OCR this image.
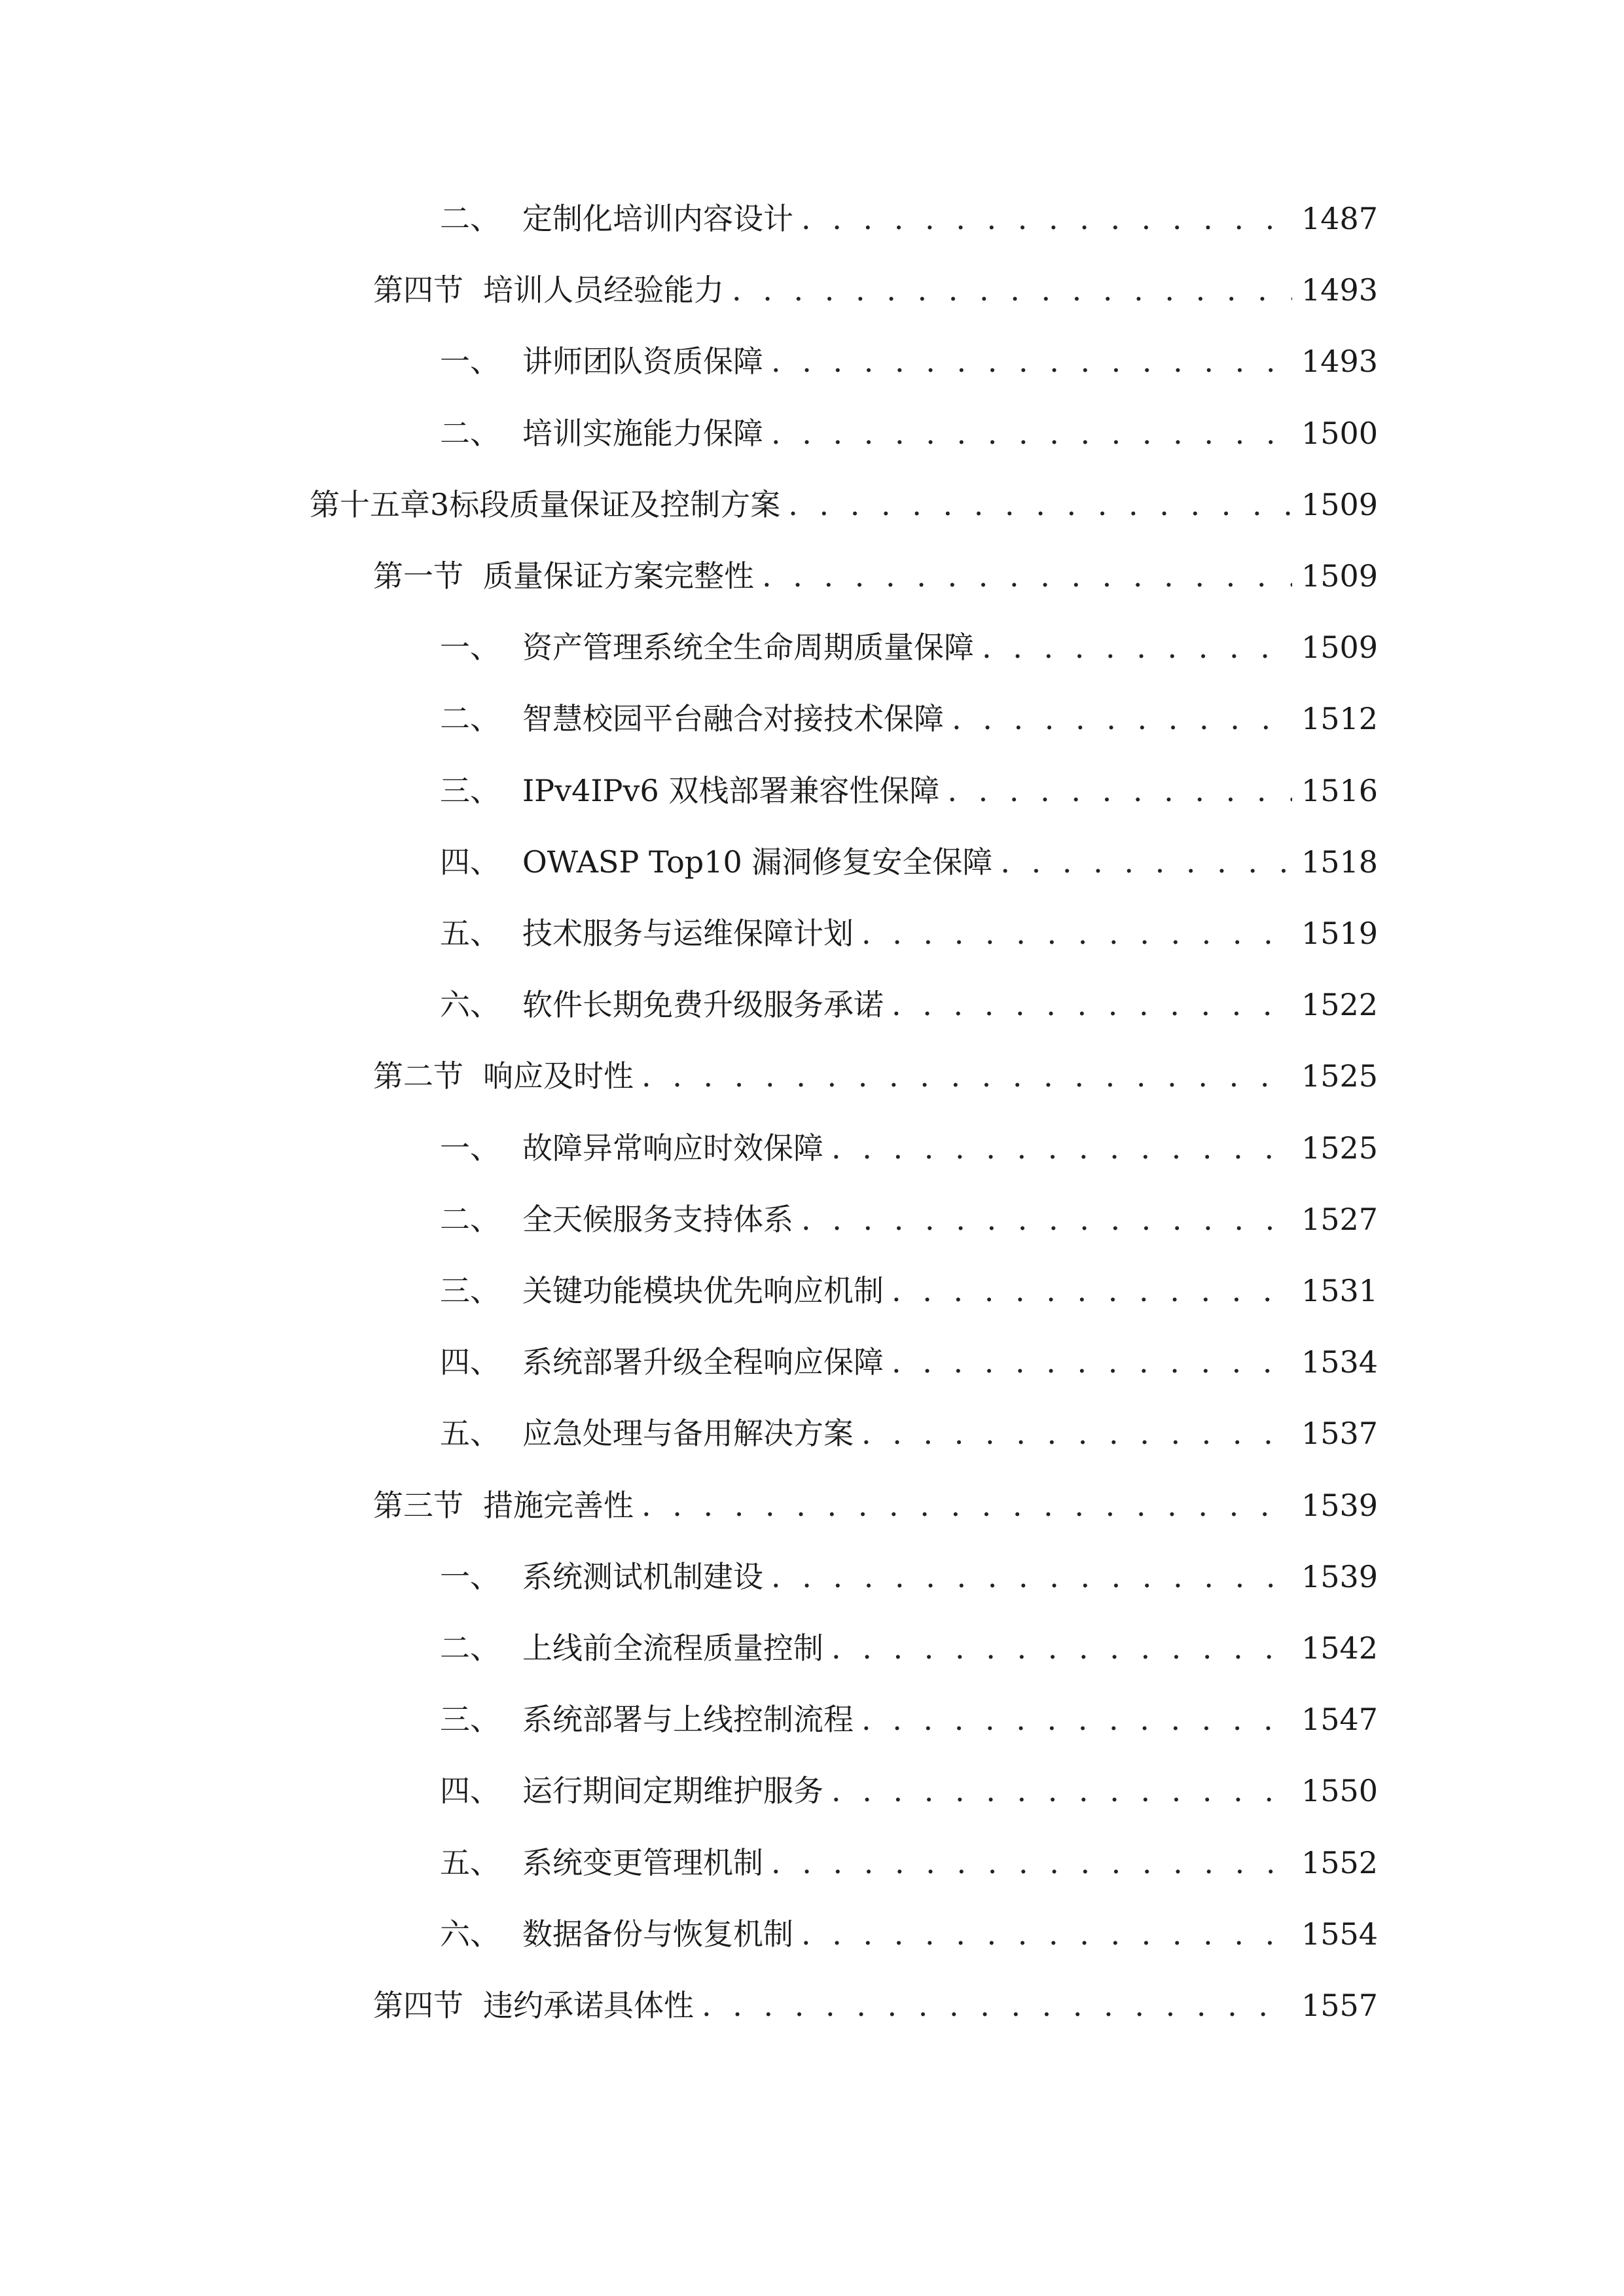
二、 定制化培训内容设计 . . .	1487
第四节 培训人员经验能力 . . .	1493
一、 讲师团队资质保障 . . .	1493
二、 培训实施能力保障 . . .	1500
第十五章 3标段质量保证及控制方案 . . .	1509
第一节 质量保证方案完整性 . . .	1509
一、 资产管理系统全生命周期质量保障 . . .	1509
二、 智慧校园平台融合对接技术保障 . . .	1512
三、 IPv4IPv6 双栈部署兼容性保障 . . .	1516
四、 OWASP Top10 漏洞修复安全保障 . . .	1518
五、 技术服务与运维保障计划 . . .	1519
六、 软件长期免费升级服务承诺 . . .	1522
第二节 响应及时性 . . .	1525
一、 故障异常响应时效保障 . . .	1525
二、 全天候服务支持体系 . . .	1527
三、 关键功能模块优先响应机制 . . .	1531
四、 系统部署升级全程响应保障 . . .	1534
五、 应急处理与备用解决方案 . . .	1537
第三节 措施完善性 . . .	1539
一、 系统测试机制建设 . . .	1539
二、 上线前全流程质量控制 . . .	1542
三、 系统部署与上线控制流程 . . .	1547
四、 运行期间定期维护服务 . . .	1550
五、 系统变更管理机制 . . .	1552
六、 数据备份与恢复机制 . . .	1554
第四节 违约承诺具体性 . . .	1557
